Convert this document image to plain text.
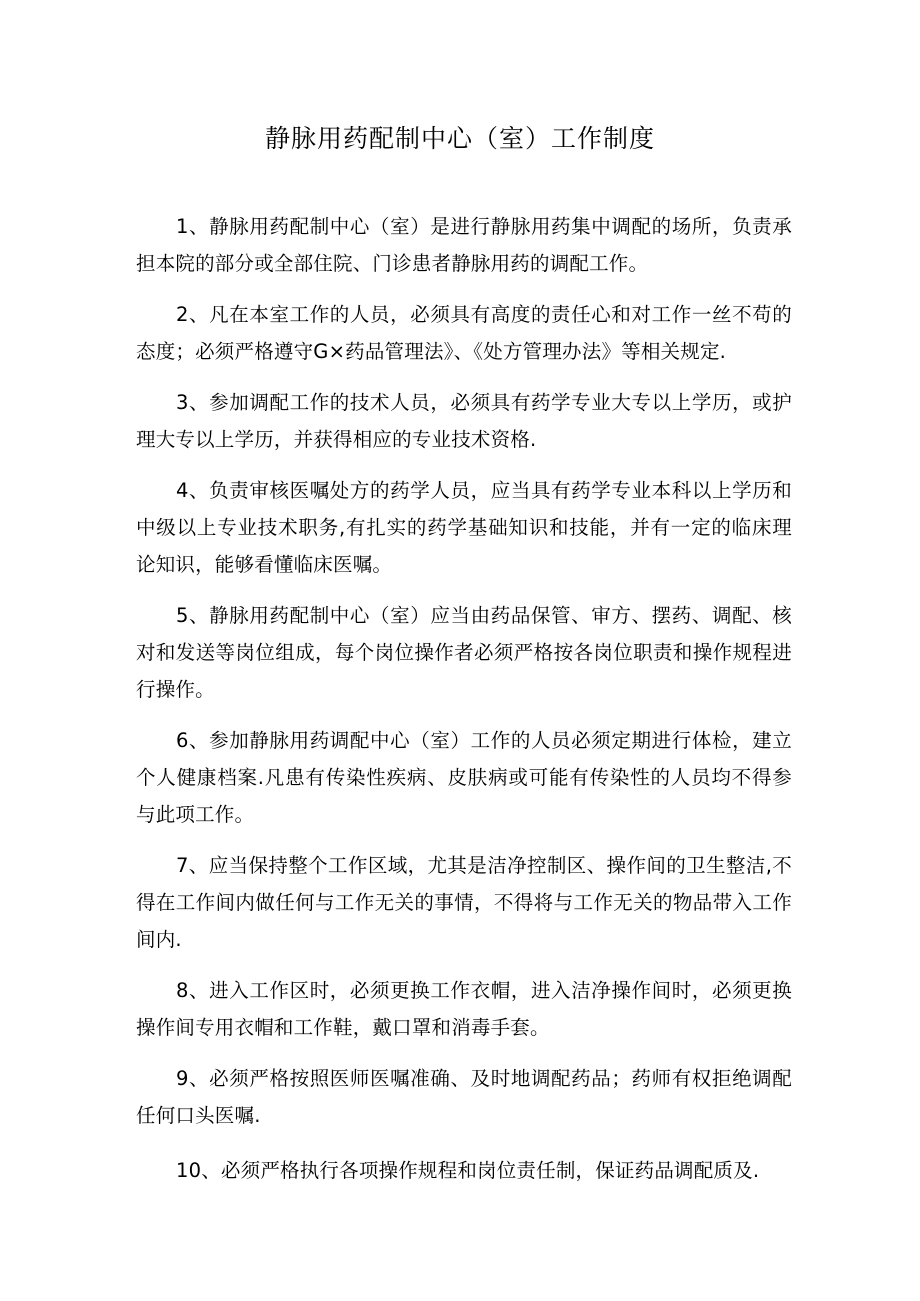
静脉用药配制中心（室）工作制度
1、静脉用药配制中心（室）是进行静脉用药集中调配的场所，负责承担本院的部分或全部住院、门诊患者静脉用药的调配工作。
2、凡在本室工作的人员，必须具有高度的责任心和对工作一丝不苟的态度；必须严格遵守G×药品管理法》、《处方管理办法》等相关规定.
3、参加调配工作的技术人员，必须具有药学专业大专以上学历，或护理大专以上学历，并获得相应的专业技术资格.
4、负责审核医嘱处方的药学人员，应当具有药学专业本科以上学历和中级以上专业技术职务,有扎实的药学基础知识和技能，并有一定的临床理论知识，能够看懂临床医嘱。
5、静脉用药配制中心（室）应当由药品保管、审方、摆药、调配、核对和发送等岗位组成，每个岗位操作者必须严格按各岗位职责和操作规程进行操作。
6、参加静脉用药调配中心（室）工作的人员必须定期进行体检，建立个人健康档案.凡患有传染性疾病、皮肤病或可能有传染性的人员均不得参与此项工作。
7、应当保持整个工作区域，尤其是洁净控制区、操作间的卫生整洁,不得在工作间内做任何与工作无关的事情，不得将与工作无关的物品带入工作间内.
8、进入工作区时，必须更换工作衣帽，进入洁净操作间时，必须更换操作间专用衣帽和工作鞋，戴口罩和消毒手套。
9、必须严格按照医师医嘱准确、及时地调配药品；药师有权拒绝调配任何口头医嘱.
10、必须严格执行各项操作规程和岗位责任制，保证药品调配质及.
